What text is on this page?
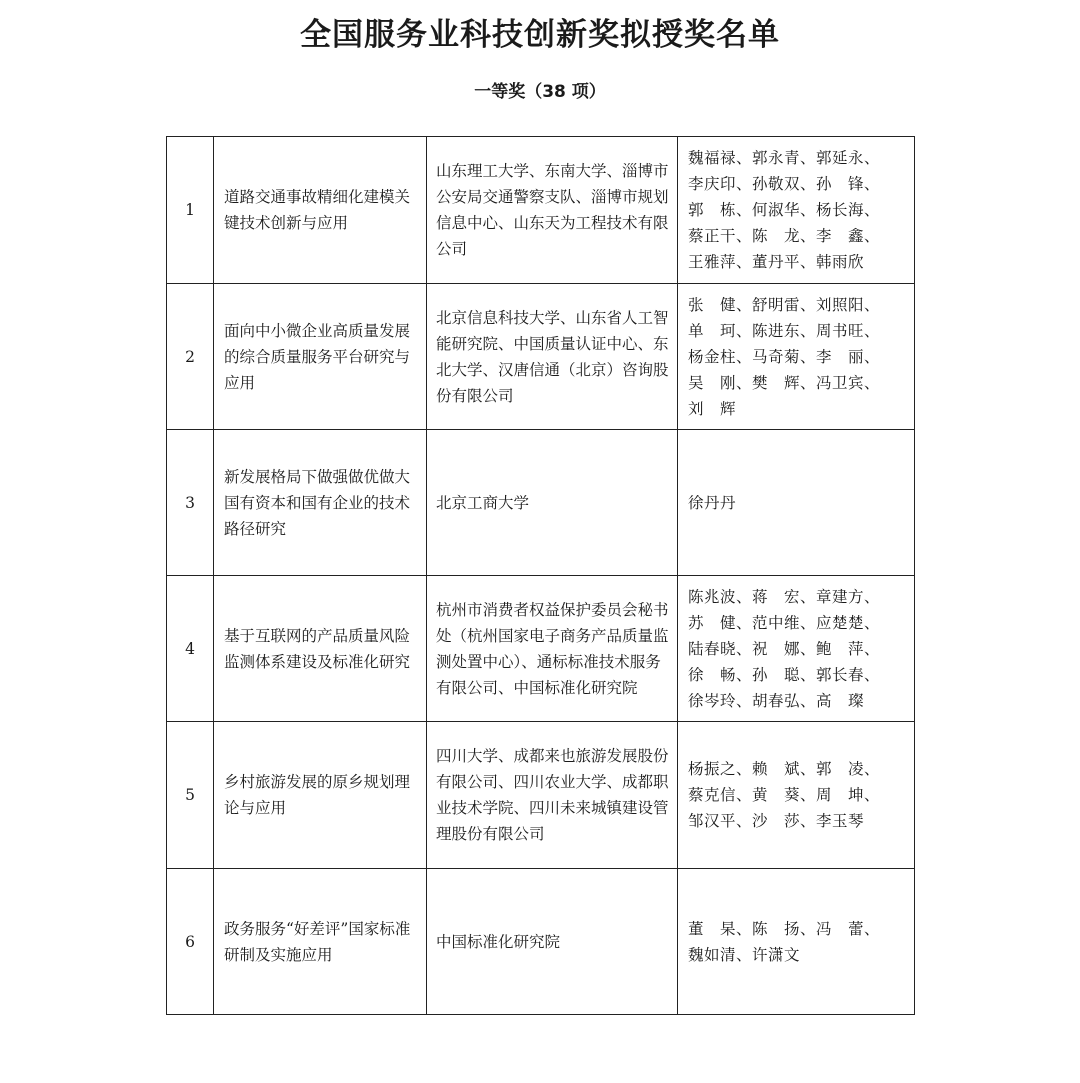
全国服务业科技创新奖拟授奖名单
一等奖（38 项）
1	道路交通事故精细化建模关键技术创新与应用	山东理工大学、东南大学、淄博市公安局交通警察支队、淄博市规划信息中心、山东天为工程技术有限公司	魏福禄、郭永青、郭延永、
李庆印、孙敬双、孙　锋、
郭　栋、何淑华、杨长海、
蔡正干、陈　龙、李　鑫、
王雅萍、董丹平、韩雨欣

2	面向中小微企业高质量发展的综合质量服务平台研究与应用	北京信息科技大学、山东省人工智能研究院、中国质量认证中心、东北大学、汉唐信通（北京）咨询股份有限公司	张　健、舒明雷、刘照阳、
单　珂、陈进东、周书旺、
杨金柱、马奇菊、李　丽、
吴　刚、樊　辉、冯卫宾、
刘　辉

3	新发展格局下做强做优做大国有资本和国有企业的技术路径研究	北京工商大学	徐丹丹

4	基于互联网的产品质量风险监测体系建设及标准化研究	杭州市消费者权益保护委员会秘书处（杭州国家电子商务产品质量监测处置中心）、通标标准技术服务有限公司、中国标准化研究院	陈兆波、蒋　宏、章建方、
苏　健、范中维、应楚楚、
陆春晓、祝　娜、鲍　萍、
徐　畅、孙　聪、郭长春、
徐岑玲、胡春弘、高　璨

5	乡村旅游发展的原乡规划理论与应用	四川大学、成都来也旅游发展股份有限公司、四川农业大学、成都职业技术学院、四川未来城镇建设管理股份有限公司	杨振之、赖　斌、郭　凌、
蔡克信、黄　葵、周　坤、
邹汉平、沙　莎、李玉琴

6	政务服务“好差评”国家标准研制及实施应用	中国标准化研究院	董　杲、陈　扬、冯　蕾、
魏如清、许潇文
